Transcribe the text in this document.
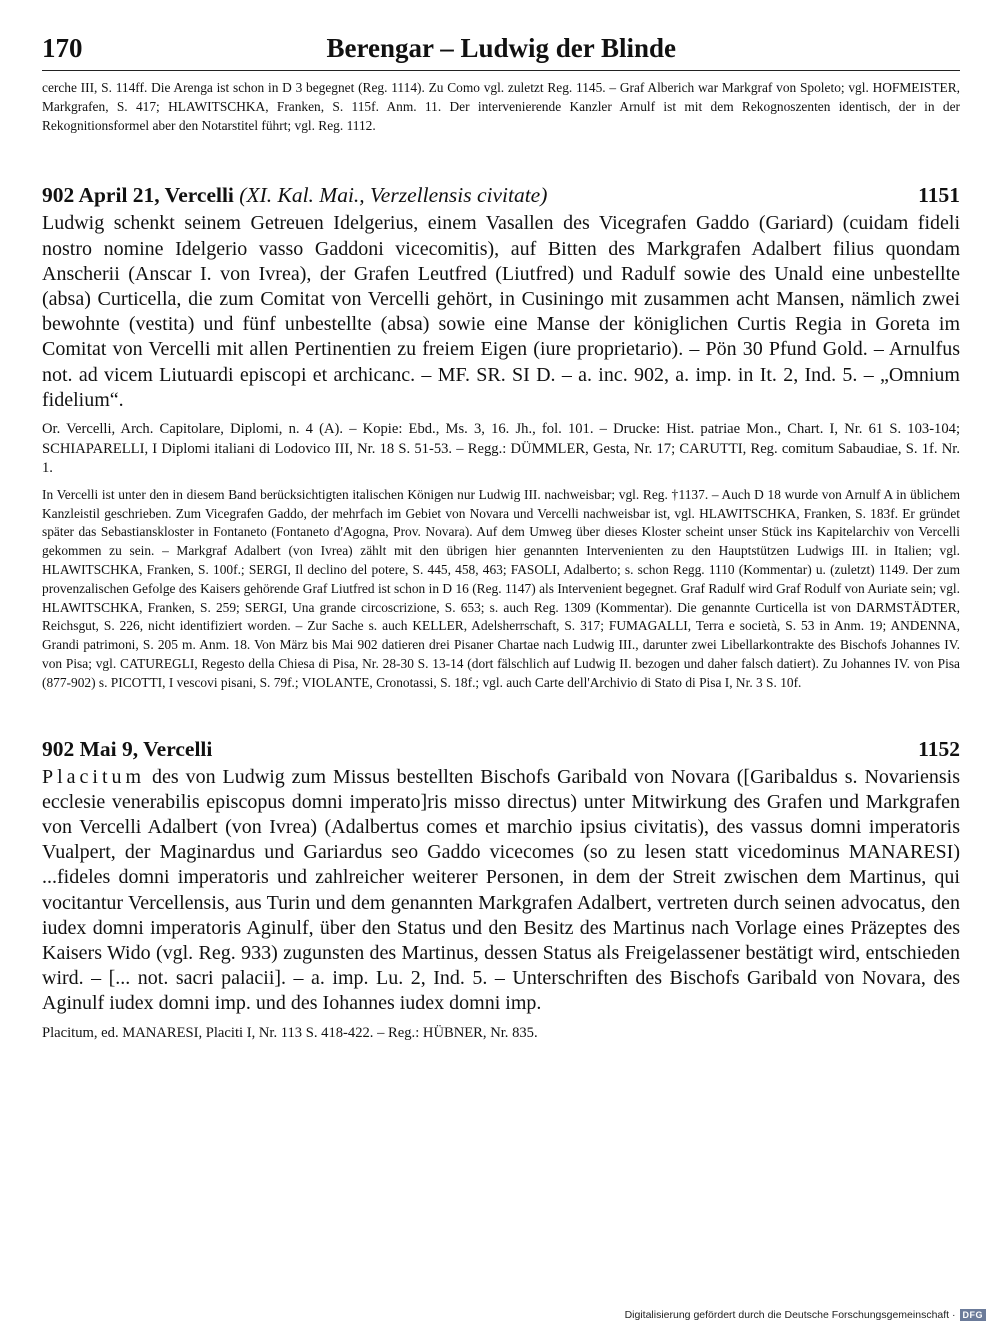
170	Berengar – Ludwig der Blinde

cerche III, S. 114ff. Die Arenga ist schon in D 3 begegnet (Reg. 1114). Zu Como vgl. zuletzt Reg. 1145. – Graf Alberich war Markgraf von Spoleto; vgl. HOFMEISTER, Markgrafen, S. 417; HLAWITSCHKA, Franken, S. 115f. Anm. 11. Der intervenierende Kanzler Arnulf ist mit dem Rekognoszenten identisch, der in der Rekognitionsformel aber den Notarstitel führt; vgl. Reg. 1112.

902 April 21, Vercelli (XI. Kal. Mai., Verzellensis civitate)	1151

Ludwig schenkt seinem Getreuen Idelgerius, einem Vasallen des Vicegrafen Gaddo (Gariard) (cuidam fideli nostro nomine Idelgerio vasso Gaddoni vicecomitis), auf Bitten des Markgrafen Adalbert filius quondam Anscherii (Anscar I. von Ivrea), der Grafen Leutfred (Liutfred) und Radulf sowie des Unald eine unbestellte (absa) Curticella, die zum Comitat von Vercelli gehört, in Cusiningo mit zusammen acht Mansen, nämlich zwei bewohnte (vestita) und fünf unbestellte (absa) sowie eine Manse der königlichen Curtis Regia in Goreta im Comitat von Vercelli mit allen Pertinentien zu freiem Eigen (iure proprietario). – Pön 30 Pfund Gold. – Arnulfus not. ad vicem Liutuardi episcopi et archicanc. – MF. SR. SI D. – a. inc. 902, a. imp. in It. 2, Ind. 5. – „Omnium fidelium“.

Or. Vercelli, Arch. Capitolare, Diplomi, n. 4 (A). – Kopie: Ebd., Ms. 3, 16. Jh., fol. 101. – Drucke: Hist. patriae Mon., Chart. I, Nr. 61 S. 103-104; SCHIAPARELLI, I Diplomi italiani di Lodovico III, Nr. 18 S. 51-53. – Regg.: DÜMMLER, Gesta, Nr. 17; CARUTTI, Reg. comitum Sabaudiae, S. 1f. Nr. 1.

In Vercelli ist unter den in diesem Band berücksichtigten italischen Königen nur Ludwig III. nachweisbar; vgl. Reg. †1137. – Auch D 18 wurde von Arnulf A in üblichem Kanzleistil geschrieben. Zum Vicegrafen Gaddo, der mehrfach im Gebiet von Novara und Vercelli nachweisbar ist, vgl. HLAWITSCHKA, Franken, S. 183f. Er gründet später das Sebastianskloster in Fontaneto (Fontaneto d'Agogna, Prov. Novara). Auf dem Umweg über dieses Kloster scheint unser Stück ins Kapitelarchiv von Vercelli gekommen zu sein. – Markgraf Adalbert (von Ivrea) zählt mit den übrigen hier genannten Intervenienten zu den Hauptstützen Ludwigs III. in Italien; vgl. HLAWITSCHKA, Franken, S. 100f.; SERGI, Il declino del potere, S. 445, 458, 463; FASOLI, Adalberto; s. schon Regg. 1110 (Kommentar) u. (zuletzt) 1149. Der zum provenzalischen Gefolge des Kaisers gehörende Graf Liutfred ist schon in D 16 (Reg. 1147) als Intervenient begegnet. Graf Radulf wird Graf Rodulf von Auriate sein; vgl. HLAWITSCHKA, Franken, S. 259; SERGI, Una grande circoscrizione, S. 653; s. auch Reg. 1309 (Kommentar). Die genannte Curticella ist von DARMSTÄDTER, Reichsgut, S. 226, nicht identifiziert worden. – Zur Sache s. auch KELLER, Adelsherrschaft, S. 317; FUMAGALLI, Terra e società, S. 53 in Anm. 19; ANDENNA, Grandi patrimoni, S. 205 m. Anm. 18. Von März bis Mai 902 datieren drei Pisaner Chartae nach Ludwig III., darunter zwei Libellarkontrakte des Bischofs Johannes IV. von Pisa; vgl. CATUREGLI, Regesto della Chiesa di Pisa, Nr. 28-30 S. 13-14 (dort fälschlich auf Ludwig II. bezogen und daher falsch datiert). Zu Johannes IV. von Pisa (877-902) s. PICOTTI, I vescovi pisani, S. 79f.; VIOLANTE, Cronotassi, S. 18f.; vgl. auch Carte dell'Archivio di Stato di Pisa I, Nr. 3 S. 10f.

902 Mai 9, Vercelli	1152

Placitum des von Ludwig zum Missus bestellten Bischofs Garibald von Novara ([Garibaldus s. Novariensis ecclesie venerabilis episcopus domni imperato]ris misso directus) unter Mitwirkung des Grafen und Markgrafen von Vercelli Adalbert (von Ivrea) (Adalbertus comes et marchio ipsius civitatis), des vassus domni imperatoris Vualpert, der Maginardus und Gariardus seo Gaddo vicecomes (so zu lesen statt vicedominus MANARESI) ...fideles domni imperatoris und zahlreicher weiterer Personen, in dem der Streit zwischen dem Martinus, qui vocitantur Vercellensis, aus Turin und dem genannten Markgrafen Adalbert, vertreten durch seinen advocatus, den iudex domni imperatoris Aginulf, über den Status und den Besitz des Martinus nach Vorlage eines Präzeptes des Kaisers Wido (vgl. Reg. 933) zugunsten des Martinus, dessen Status als Freigelassener bestätigt wird, entschieden wird. – [... not. sacri palacii]. – a. imp. Lu. 2, Ind. 5. – Unterschriften des Bischofs Garibald von Novara, des Aginulf iudex domni imp. und des Iohannes iudex domni imp.

Placitum, ed. MANARESI, Placiti I, Nr. 113 S. 418-422. – Reg.: HÜBNER, Nr. 835.

Digitalisierung gefördert durch die Deutsche Forschungsgemeinschaft · DFG
